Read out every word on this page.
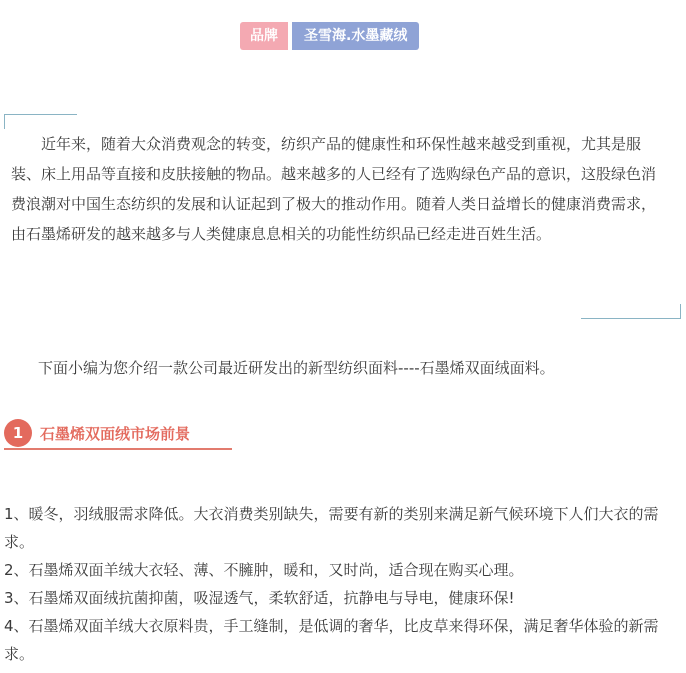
品牌	圣雪海.水墨藏绒

近年来，随着大众消费观念的转变，纺织产品的健康性和环保性越来越受到重视，尤其是服装、床上用品等直接和皮肤接触的物品。越来越多的人已经有了选购绿色产品的意识，这股绿色消费浪潮对中国生态纺织的发展和认证起到了极大的推动作用。随着人类日益增长的健康消费需求，由石墨烯研发的越来越多与人类健康息息相关的功能性纺织品已经走进百姓生活。

下面小编为您介绍一款公司最近研发出的新型纺织面料----石墨烯双面绒面料。

1	石墨烯双面绒市场前景
1、暖冬，羽绒服需求降低。大衣消费类别缺失，需要有新的类别来满足新气候环境下人们大衣的需求。
2、石墨烯双面羊绒大衣轻、薄、不臃肿，暖和，又时尚，适合现在购买心理。
3、石墨烯双面绒抗菌抑菌，吸湿透气，柔软舒适，抗静电与导电，健康环保!
4、石墨烯双面羊绒大衣原料贵，手工缝制，是低调的奢华，比皮草来得环保，满足奢华体验的新需求。
